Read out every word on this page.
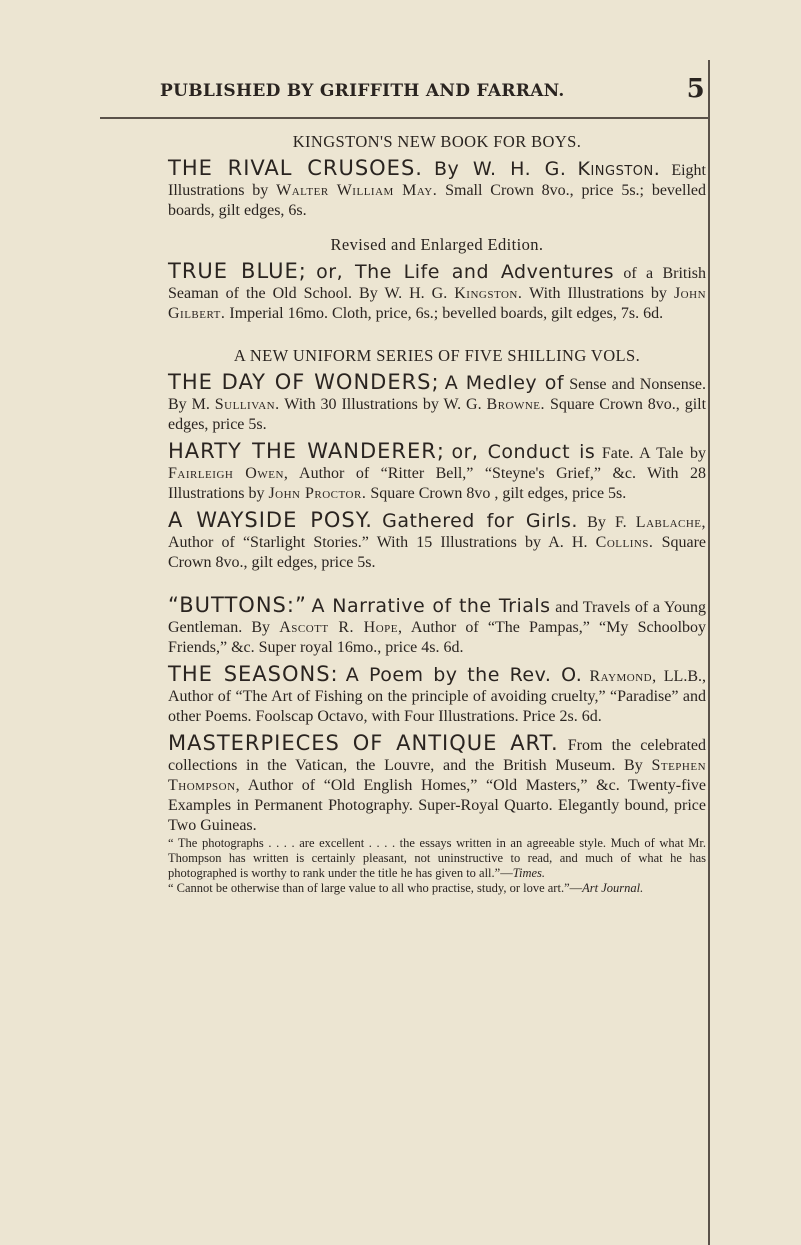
PUBLISHED BY GRIFFITH AND FARRAN.	5

KINGSTON'S NEW BOOK FOR BOYS.

THE RIVAL CRUSOES. By W. H. G. Kingston. Eight Illustrations by Walter William May. Small Crown 8vo., price 5s.; bevelled boards, gilt edges, 6s.

Revised and Enlarged Edition.

TRUE BLUE; or, The Life and Adventures of a British Seaman of the Old School. By W. H. G. Kingston. With Illustrations by John Gilbert. Imperial 16mo. Cloth, price, 6s.; bevelled boards, gilt edges, 7s. 6d.

A NEW UNIFORM SERIES OF FIVE SHILLING VOLS.

THE DAY OF WONDERS; A Medley of Sense and Nonsense. By M. Sullivan. With 30 Illustrations by W. G. Browne. Square Crown 8vo., gilt edges, price 5s.

HARTY THE WANDERER; or, Conduct is Fate. A Tale by Fairleigh Owen, Author of “Ritter Bell,” “Steyne's Grief,” &c. With 28 Illustrations by John Proctor. Square Crown 8vo , gilt edges, price 5s.

A WAYSIDE POSY. Gathered for Girls. By F. Lablache, Author of “Starlight Stories.” With 15 Illustrations by A. H. Collins. Square Crown 8vo., gilt edges, price 5s.

“BUTTONS:” A Narrative of the Trials and Travels of a Young Gentleman. By Ascott R. Hope, Author of “The Pampas,” “My Schoolboy Friends,” &c. Super royal 16mo., price 4s. 6d.

THE SEASONS: A Poem by the Rev. O. Raymond, LL.B., Author of “The Art of Fishing on the principle of avoiding cruelty,” “Paradise” and other Poems. Foolscap Octavo, with Four Illustrations. Price 2s. 6d.

MASTERPIECES OF ANTIQUE ART. From the celebrated collections in the Vatican, the Louvre, and the British Museum. By Stephen Thompson, Author of “Old English Homes,” “Old Masters,” &c. Twenty-five Examples in Permanent Photography. Super-Royal Quarto. Elegantly bound, price Two Guineas.

“ The photographs . . . . are excellent . . . . the essays written in an agreeable style. Much of what Mr. Thompson has written is certainly pleasant, not uninstructive to read, and much of what he has photographed is worthy to rank under the title he has given to all.”—Times.

“ Cannot be otherwise than of large value to all who practise, study, or love art.”—Art Journal.
